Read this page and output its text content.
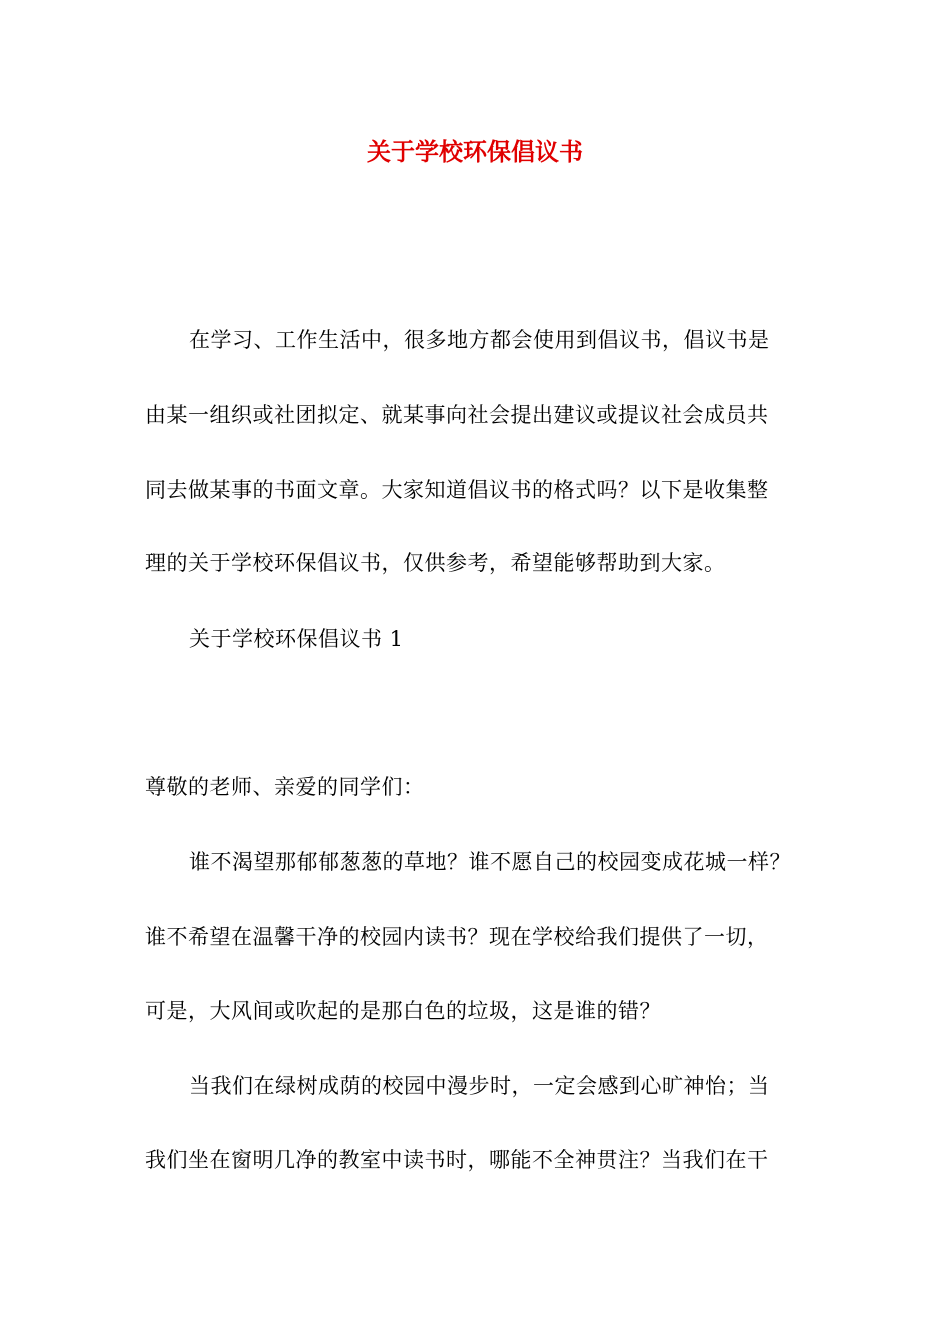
关于学校环保倡议书
在学习、工作生活中，很多地方都会使用到倡议书，倡议书是
由某一组织或社团拟定、就某事向社会提出建议或提议社会成员共
同去做某事的书面文章。大家知道倡议书的格式吗？以下是收集整
理的关于学校环保倡议书，仅供参考，希望能够帮助到大家。
关于学校环保倡议书 1
尊敬的老师、亲爱的同学们：
谁不渴望那郁郁葱葱的草地？谁不愿自己的校园变成花城一样？
谁不希望在温馨干净的校园内读书？现在学校给我们提供了一切，
可是，大风间或吹起的是那白色的垃圾，这是谁的错？
当我们在绿树成荫的校园中漫步时，一定会感到心旷神怡；当
我们坐在窗明几净的教室中读书时，哪能不全神贯注？当我们在干
